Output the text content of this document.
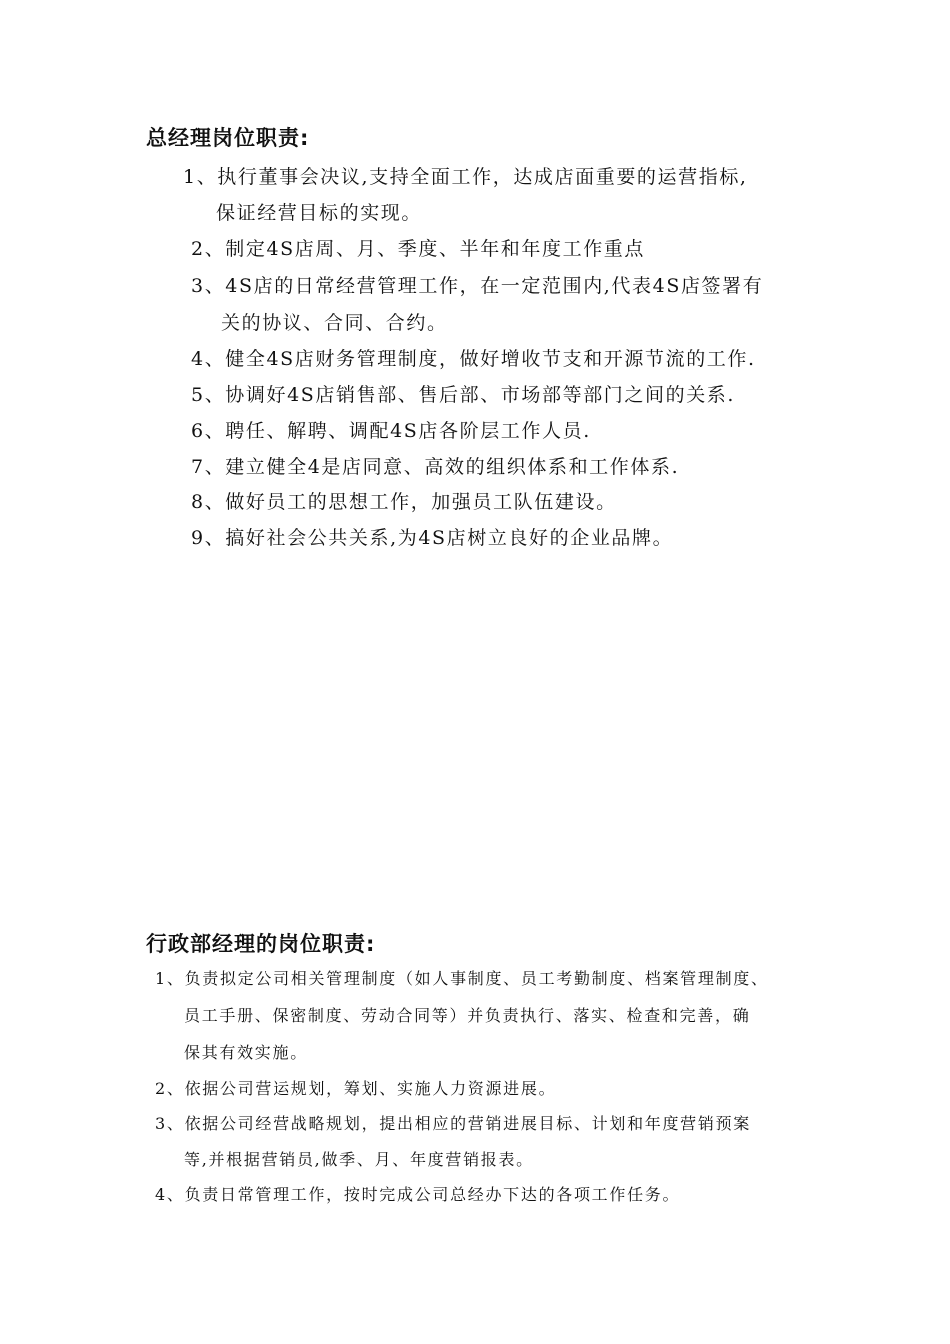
总经理岗位职责:
1、执行董事会决议,支持全面工作，达成店面重要的运营指标,
保证经营目标的实现。
2、制定4S店周、月、季度、半年和年度工作重点
3、4S店的日常经营管理工作，在一定范围内,代表4S店签署有
关的协议、合同、合约。
4、健全4S店财务管理制度，做好增收节支和开源节流的工作.
5、协调好4S店销售部、售后部、市场部等部门之间的关系.
6、聘任、解聘、调配4S店各阶层工作人员.
7、建立健全4是店同意、高效的组织体系和工作体系.
8、做好员工的思想工作，加强员工队伍建设。
9、搞好社会公共关系,为4S店树立良好的企业品牌。
行政部经理的岗位职责:
1、负责拟定公司相关管理制度（如人事制度、员工考勤制度、档案管理制度、
员工手册、保密制度、劳动合同等）并负责执行、落实、检查和完善，确
保其有效实施。
2、依据公司营运规划，筹划、实施人力资源进展。
3、依据公司经营战略规划，提出相应的营销进展目标、计划和年度营销预案
等,并根据营销员,做季、月、年度营销报表。
4、负责日常管理工作，按时完成公司总经办下达的各项工作任务。
